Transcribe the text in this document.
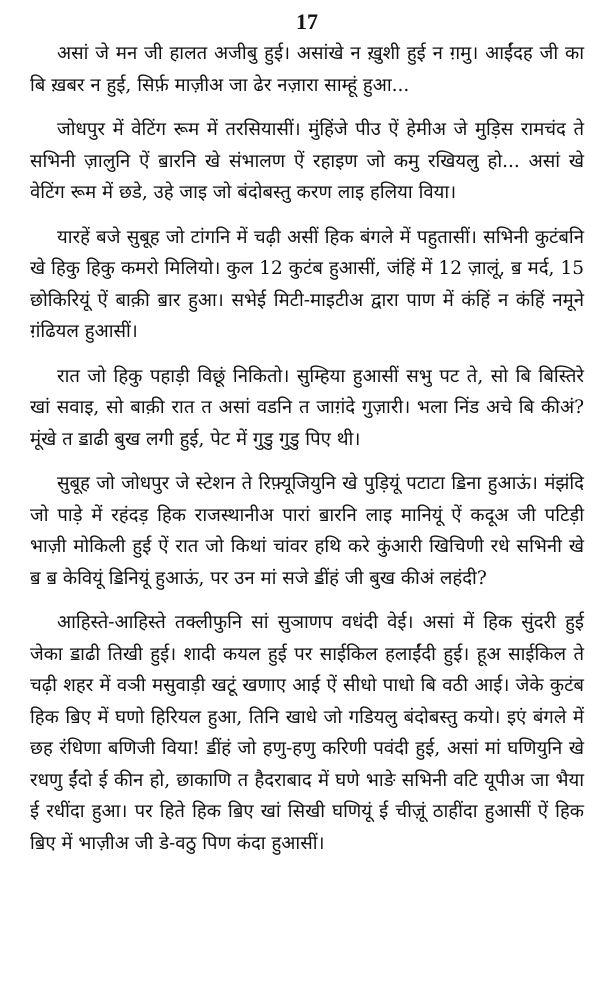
17

असां जे मन जी हालत अजीबु हुई। असांखे न ख़ुशी हुई न ग़मु। आईंदह जी का बि ख़बर न हुई, सिर्फ़ माज़ीअ जा ढेर नज़ारा साम्हूं हुआ...

जोधपुर में वेटिंग रूम में तरसियासीं। मुंहिंजे पीउ ऐं हेमीअ जे मुड़िस रामचंद ते सभिनी ज़ालुनि ऐं ॿारनि खे संभालण ऐं रहाइण जो कमु रखियलु हो... असां खे वेटिंग रूम में छडे, उहे जाइ जो बंदोबस्तु करण लाइ हलिया विया।

यारहें बजे सुबूह जो टांगनि में चढ़ी असीं हिक बंगले में पहुतासीं। सभिनी कुटंबनि खे हिकु हिकु कमरो मिलियो। कुल 12 कुटंब हुआसीं, जंहिं में 12 ज़ालूं, ॿ मर्द, 15 छोकिरियूं ऐं बाक़ी ॿार हुआ। सभेई मिटी-माइटीअ द्वारा पाण में कंहिं न कंहिं नमूने ग़ंढियल हुआसीं।

रात जो हिकु पहाड़ी विछूं निकितो। सुम्हिया हुआसीं सभु पट ते, सो बि बिस्तिरे खां सवाइ, सो बाक़ी रात त असां वडनि त जाग़ंदे गुज़ारी। भला निंड अचे बि कीअं? मूंखे त ॾाढी बुख लगी हुई, पेट में गुडु गुडु पिए थी।

सुबूह जो जोधपुर जे स्टेशन ते रिफ़्यूजियुनि खे पुड़ियूं पटाटा ॾिना हुआऊं। मंझंदि जो पाड़े में रहंदड़ हिक राजस्थानीअ पारां ॿारनि लाइ मानियूं ऐं कदूअ जी पटिड़ी भाज़ी मोकिली हुई ऐं रात जो किथां चांवर हथि करे कुंआरी खिचिणी रधे सभिनी खे ॿ ॿ केवियूं ॾिनियूं हुआऊं, पर उन मां सजे ॾींहं जी बुख कीअं लहंदी?

आहिस्ते-आहिस्ते तक्लीफुनि सां सुञाणप वधंदी वेई। असां में हिक सुंदरी हुई जेका ॾाढी तिखी हुई। शादी कयल हुई पर साईकिल हलाईंदी हुई। हूअ साईकिल ते चढ़ी शहर में वञी मसुवाड़ी खटूं खणाए आई ऐं सीधो पाधो बि वठी आई। जेके कुटंब हिक ॿिए में घणो हिरियल हुआ, तिनि खाधे जो गडियलु बंदोबस्तु कयो। इएं बंगले में छह रंधिणा बणिजी विया! ॾींहं जो हणु-हणु करिणी पवंदी हुई, असां मां घणियुनि खे रधणु ईंदो ई कीन हो, छाकाणि त हैदराबाद में घणे भाङे सभिनी वटि यूपीअ जा भैया ई रधींदा हुआ। पर हिते हिक ॿिए खां सिखी घणियूं ई चीज़ूं ठाहींदा हुआसीं ऐं हिक ॿिए में भाज़ीअ जी डे-वठु पिण कंदा हुआसीं।
